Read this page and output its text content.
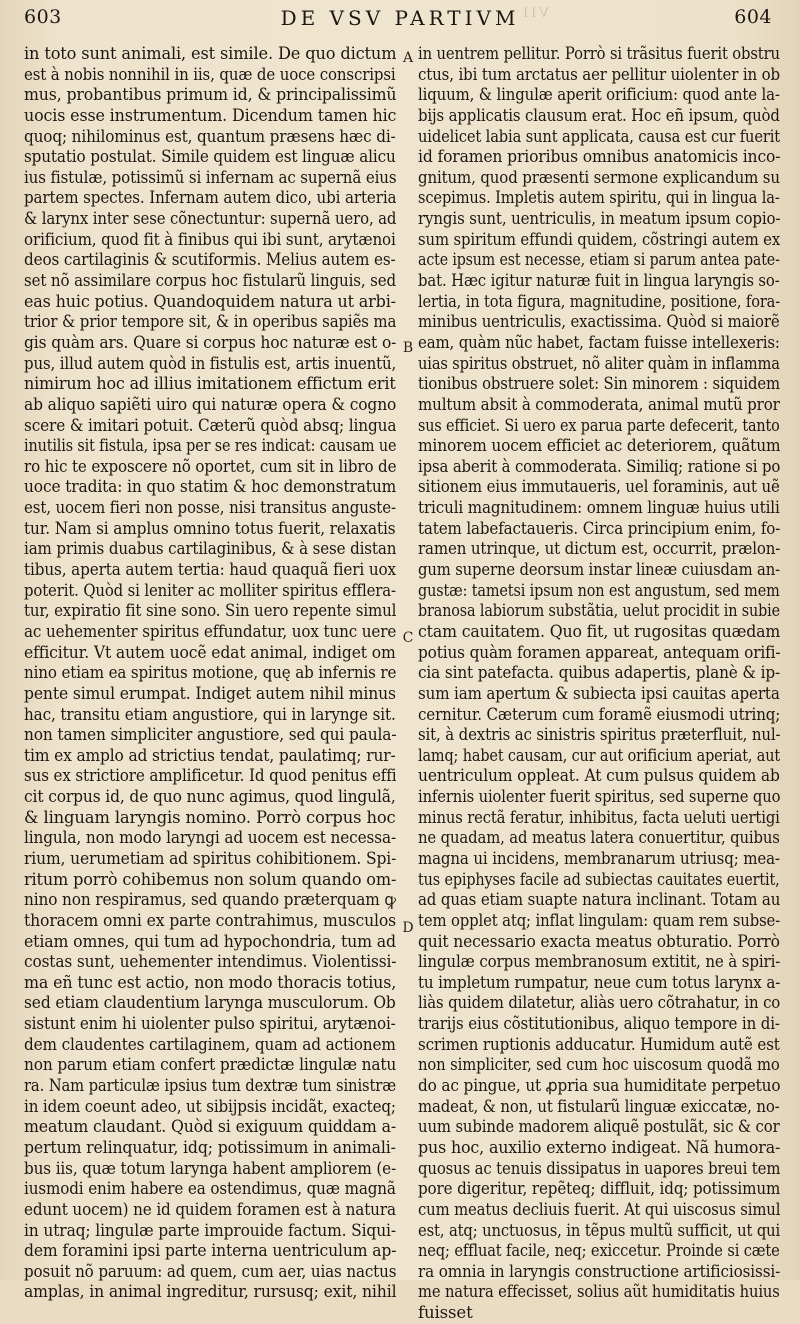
603	DE VSV PARTIVM	604
VII
in toto sunt animali, est simile. De quo dictum
est à nobis nonnihil in iis, quæ de uoce conscripsi
mus, probantibus primum id, & principalissimũ
uocis esse instrumentum. Dicendum tamen hic
quoq; nihilominus est, quantum præsens hæc di-
sputatio postulat. Simile quidem est linguæ alicu
ius fistulæ, potissimũ si infernam ac supernã eius
partem spectes. Infernam autem dico, ubi arteria
& larynx inter sese cõnectuntur: supernã uero, ad
orificium, quod fit à finibus qui ibi sunt, arytænoi
deos cartilaginis & scutiformis. Melius autem es-
set nõ assimilare corpus hoc fistularũ linguis, sed
eas huic potius. Quandoquidem natura ut arbi-
trior & prior tempore sit, & in operibus sapiẽs ma
gis quàm ars. Quare si corpus hoc naturæ est o-
pus, illud autem quòd in fistulis est, artis inuentũ,
nimirum hoc ad illius imitationem effictum erit
ab aliquo sapiẽti uiro qui naturæ opera & cogno
scere & imitari potuit. Cæterũ quòd absq; lingua
inutilis sit fistula, ipsa per se res indicat: causam ue
ro hic te exposcere nõ oportet, cum sit in libro de
uoce tradita: in quo statim & hoc demonstratum
est, uocem fieri non posse, nisi transitus anguste-
tur. Nam si amplus omnino totus fuerit, relaxatis
iam primis duabus cartilaginibus, & à sese distan
tibus, aperta autem tertia: haud quaquã fieri uox
poterit. Quòd si leniter ac molliter spiritus efflera-
tur, expiratio fit sine sono. Sin uero repente simul
ac uehementer spiritus effundatur, uox tunc uere
efficitur. Vt autem uocẽ edat animal, indiget om
nino etiam ea spiritus motione, quę ab infernis re
pente simul erumpat. Indiget autem nihil minus
hac, transitu etiam angustiore, qui in larynge sit.
non tamen simpliciter angustiore, sed qui paula-
tim ex amplo ad strictius tendat, paulatimq; rur-
sus ex strictiore amplificetur. Id quod penitus effi
cit corpus id, de quo nunc agimus, quod lingulã,
& linguam laryngis nomino. Porrò corpus hoc
lingula, non modo laryngi ad uocem est necessa-
rium, uerumetiam ad spiritus cohibitionem. Spi-
ritum porrò cohibemus non solum quando om-
nino non respiramus, sed quando præterquam ꝙ
thoracem omni ex parte contrahimus, musculos
etiam omnes, qui tum ad hypochondria, tum ad
costas sunt, uehementer intendimus. Violentissi-
ma eñ tunc est actio, non modo thoracis totius,
sed etiam claudentium larynga musculorum. Ob
sistunt enim hi uiolenter pulso spiritui, arytænoi-
dem claudentes cartilaginem, quam ad actionem
non parum etiam confert prædictæ lingulæ natu
ra. Nam particulæ ipsius tum dextræ tum sinistræ
in idem coeunt adeo, ut sibijpsis incidãt, exacteq;
meatum claudant. Quòd si exiguum quiddam a-
pertum relinquatur, idq; potissimum in animali-
bus iis, quæ totum larynga habent ampliorem (e-
iusmodi enim habere ea ostendimus, quæ magnã
edunt uocem) ne id quidem foramen est à natura
in utraq; lingulæ parte improuide factum. Siqui-
dem foramini ipsi parte interna uentriculum ap-
posuit nõ paruum: ad quem, cum aer, uias nactus
amplas, in animal ingreditur, rursusq; exit, nihil
in uentrem pellitur. Porrò si trãsitus fuerit obstru
ctus, ibi tum arctatus aer pellitur uiolenter in ob
liquum, & lingulæ aperit orificium: quod ante la-
bijs applicatis clausum erat. Hoc eñ ipsum, quòd
uidelicet labia sunt applicata, causa est cur fuerit
id foramen prioribus omnibus anatomicis inco-
gnitum, quod præsenti sermone explicandum su
scepimus. Impletis autem spiritu, qui in lingua la-
ryngis sunt, uentriculis, in meatum ipsum copio-
sum spiritum effundi quidem, cõstringi autem ex
acte ipsum est necesse, etiam si parum antea pate-
bat. Hæc igitur naturæ fuit in lingua laryngis so-
lertia, in tota figura, magnitudine, positione, fora-
minibus uentriculis, exactissima. Quòd si maiorẽ
eam, quàm nũc habet, factam fuisse intellexeris:
uias spiritus obstruet, nõ aliter quàm in inflamma
tionibus obstruere solet: Sin minorem : siquidem
multum absit à commoderata, animal mutũ pror
sus efficiet. Si uero ex parua parte defecerit, tanto
minorem uocem efficiet ac deteriorem, quãtum
ipsa aberit à commoderata. Similiq; ratione si po
sitionem eius immutaueris, uel foraminis, aut uẽ
triculi magnitudinem: omnem linguæ huius utili
tatem labefactaueris. Circa principium enim, fo-
ramen utrinque, ut dictum est, occurrit, prælon-
gum superne deorsum instar lineæ cuiusdam an-
gustæ: tametsi ipsum non est angustum, sed mem
branosa labiorum substãtia, uelut procidit in subie
ctam cauitatem. Quo fit, ut rugositas quædam
potius quàm foramen appareat, antequam orifi-
cia sint patefacta. quibus adapertis, planè & ip-
sum iam apertum & subiecta ipsi cauitas aperta
cernitur. Cæterum cum foramẽ eiusmodi utrinq;
sit, à dextris ac sinistris spiritus præterfluit, nul-
lamq; habet causam, cur aut orificium aperiat, aut
uentriculum oppleat. At cum pulsus quidem ab
infernis uiolenter fuerit spiritus, sed superne quo
minus rectã feratur, inhibitus, facta ueluti uertigi
ne quadam, ad meatus latera conuertitur, quibus
magna ui incidens, membranarum utriusq; mea-
tus epiphyses facile ad subiectas cauitates euertit,
ad quas etiam suapte natura inclinant. Totam au
tem opplet atq; inflat lingulam: quam rem subse-
quit necessario exacta meatus obturatio. Porrò
lingulæ corpus membranosum extitit, ne à spiri-
tu impletum rumpatur, neue cum totus larynx a-
liàs quidem dilatetur, aliàs uero cõtrahatur, in co
trarijs eius cõstitutionibus, aliquo tempore in di-
scrimen ruptionis adducatur. Humidum autẽ est
non simpliciter, sed cum hoc uiscosum quodã mo
do ac pingue, ut ꝓpria sua humiditate perpetuo
madeat, & non, ut fistularũ linguæ exiccatæ, no-
uum subinde madorem aliquẽ postulãt, sic & cor
pus hoc, auxilio externo indigeat. Nã humora-
quosus ac tenuis dissipatus in uapores breui tem
pore digeritur, repẽteq; diffluit, idq; potissimum
cum meatus decliuis fuerit. At qui uiscosus simul
est, atq; unctuosus, in tẽpus multũ sufficit, ut qui
neq; effluat facile, neq; exiccetur. Proinde si cæte
ra omnia in laryngis constructione artificiosissi-
me natura effecisset, solius aũt humiditatis huius
fuisset
A
B
C
D
